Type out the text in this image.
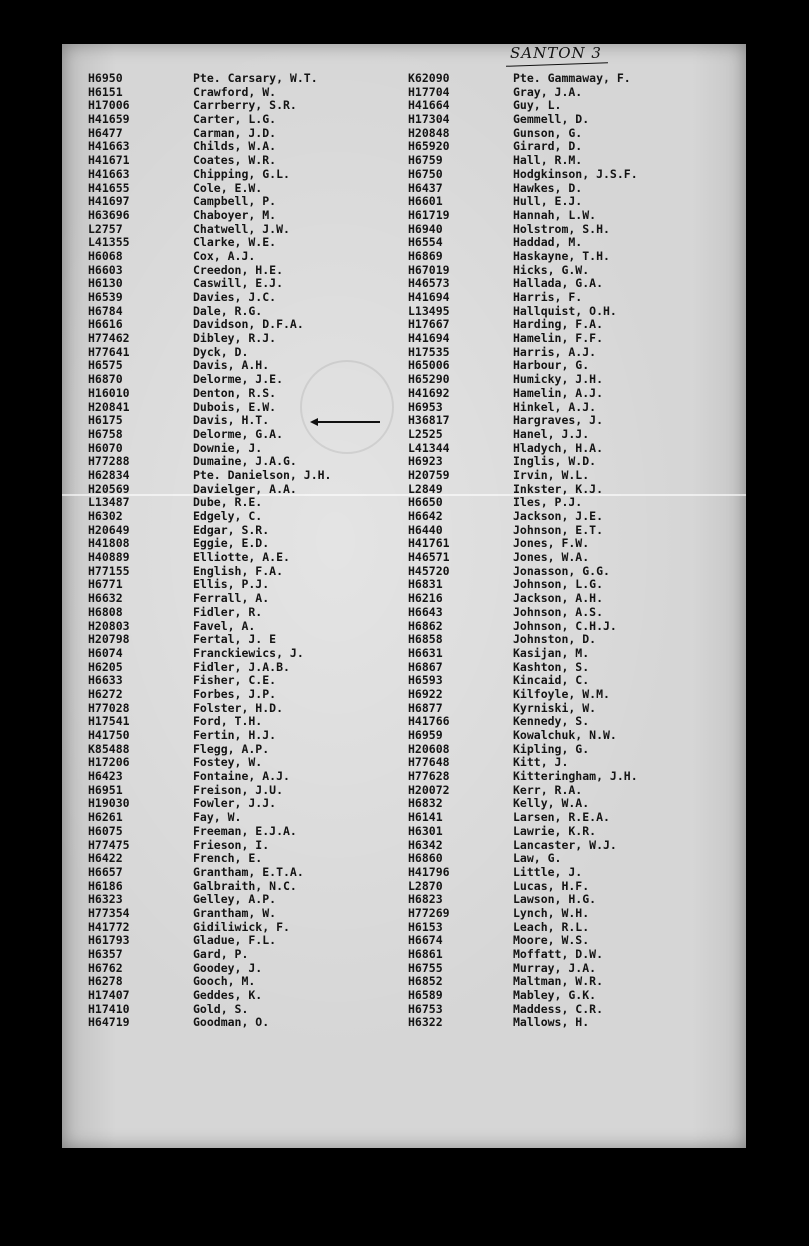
SANTON 3
H6950	Pte. Carsary, W.T.
H6151	Crawford, W.
H17006	Carrberry, S.R.
H41659	Carter, L.G.
H6477	Carman, J.D.
H41663	Childs, W.A.
H41671	Coates, W.R.
H41663	Chipping, G.L.
H41655	Cole, E.W.
H41697	Campbell, P.
H63696	Chaboyer, M.
L2757	Chatwell, J.W.
L41355	Clarke, W.E.
H6068	Cox, A.J.
H6603	Creedon, H.E.
H6130	Caswill, E.J.
H6539	Davies, J.C.
H6784	Dale, R.G.
H6616	Davidson, D.F.A.
H77462	Dibley, R.J.
H77641	Dyck, D.
H6575	Davis, A.H.
H6870	Delorme, J.E.
H16010	Denton, R.S.
H20841	Dubois, E.W.
H6175	Davis, H.T.
H6758	Delorme, G.A.
H6070	Downie, J.
H77288	Dumaine, J.A.G.
H62834	Pte. Danielson, J.H.
H20569	Davielger, A.A.
L13487	Dube, R.E.
H6302	Edgely, C.
H20649	Edgar, S.R.
H41808	Eggie, E.D.
H40889	Elliotte, A.E.
H77155	English, F.A.
H6771	Ellis, P.J.
H6632	Ferrall, A.
H6808	Fidler, R.
H20803	Favel, A.
H20798	Fertal, J. E
H6074	Franckiewics, J.
H6205	Fidler, J.A.B.
H6633	Fisher, C.E.
H6272	Forbes, J.P.
H77028	Folster, H.D.
H17541	Ford, T.H.
H41750	Fertin, H.J.
K85488	Flegg, A.P.
H17206	Fostey, W.
H6423	Fontaine, A.J.
H6951	Freison, J.U.
H19030	Fowler, J.J.
H6261	Fay, W.
H6075	Freeman, E.J.A.
H77475	Frieson, I.
H6422	French, E.
H6657	Grantham, E.T.A.
H6186	Galbraith, N.C.
H6323	Gelley, A.P.
H77354	Grantham, W.
H41772	Gidiliwick, F.
H61793	Gladue, F.L.
H6357	Gard, P.
H6762	Goodey, J.
H6278	Gooch, M.
H17407	Geddes, K.
H17410	Gold, S.
H64719	Goodman, O.
K62090	Pte. Gammaway, F.
H17704	Gray, J.A.
H41664	Guy, L.
H17304	Gemmell, D.
H20848	Gunson, G.
H65920	Girard, D.
H6759	Hall, R.M.
H6750	Hodgkinson, J.S.F.
H6437	Hawkes, D.
H6601	Hull, E.J.
H61719	Hannah, L.W.
H6940	Holstrom, S.H.
H6554	Haddad, M.
H6869	Haskayne, T.H.
H67019	Hicks, G.W.
H46573	Hallada, G.A.
H41694	Harris, F.
L13495	Hallquist, O.H.
H17667	Harding, F.A.
H41694	Hamelin, F.F.
H17535	Harris, A.J.
H65006	Harbour, G.
H65290	Humicky, J.H.
H41692	Hamelin, A.J.
H6953	Hinkel, A.J.
H36817	Hargraves, J.
L2525	Hanel, J.J.
L41344	Hladych, H.A.
H6923	Inglis, W.D.
H20759	Irvin, W.L.
L2849	Inkster, K.J.
H6650	Iles, P.J.
H6642	Jackson, J.E.
H6440	Johnson, E.T.
H41761	Jones, F.W.
H46571	Jones, W.A.
H45720	Jonasson, G.G.
H6831	Johnson, L.G.
H6216	Jackson, A.H.
H6643	Johnson, A.S.
H6862	Johnson, C.H.J.
H6858	Johnston, D.
H6631	Kasijan, M.
H6867	Kashton, S.
H6593	Kincaid, C.
H6922	Kilfoyle, W.M.
H6877	Kyrniski, W.
H41766	Kennedy, S.
H6959	Kowalchuk, N.W.
H20608	Kipling, G.
H77648	Kitt, J.
H77628	Kitteringham, J.H.
H20072	Kerr, R.A.
H6832	Kelly, W.A.
H6141	Larsen, R.E.A.
H6301	Lawrie, K.R.
H6342	Lancaster, W.J.
H6860	Law, G.
H41796	Little, J.
L2870	Lucas, H.F.
H6823	Lawson, H.G.
H77269	Lynch, W.H.
H6153	Leach, R.L.
H6674	Moore, W.S.
H6861	Moffatt, D.W.
H6755	Murray, J.A.
H6852	Maltman, W.R.
H6589	Mabley, G.K.
H6753	Maddess, C.R.
H6322	Mallows, H.
